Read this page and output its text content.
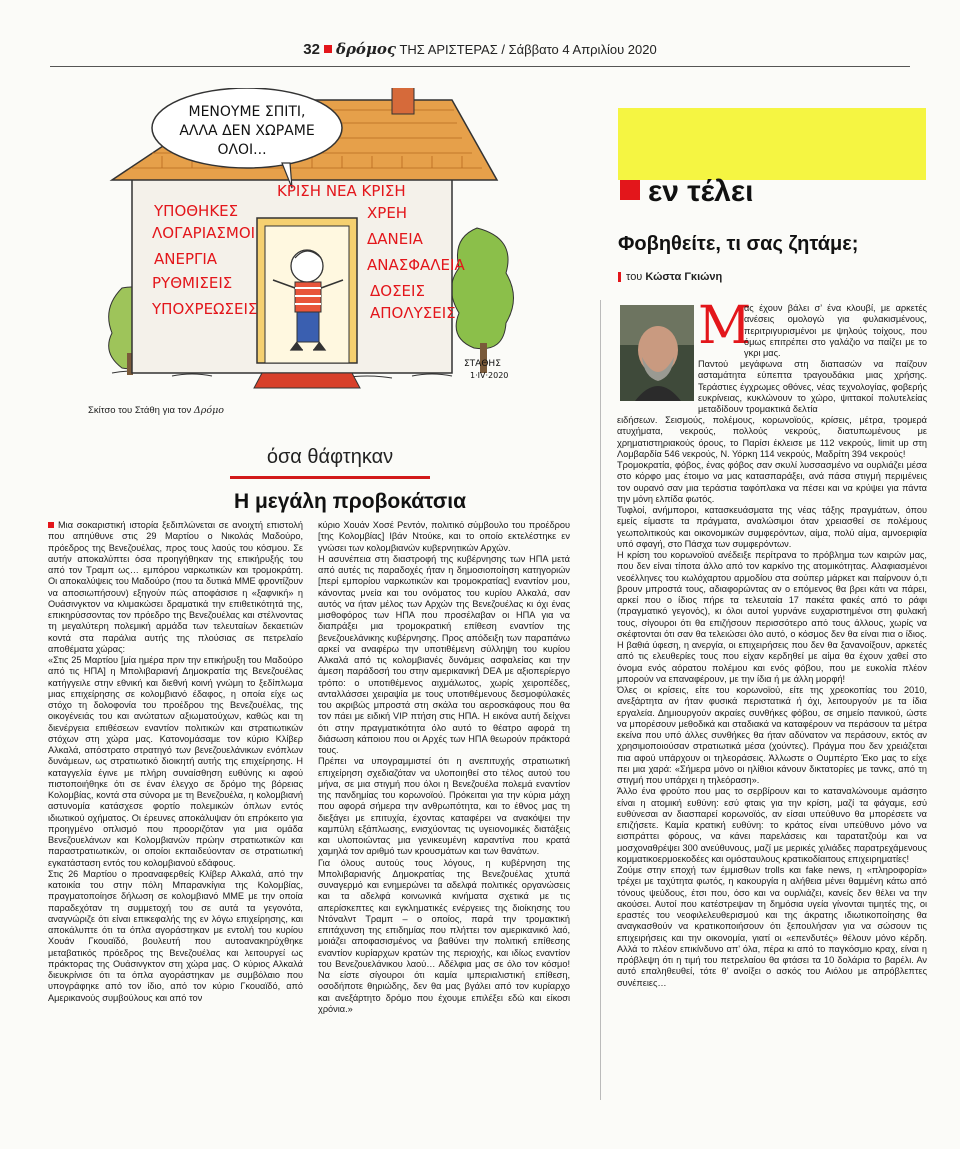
32 δρόμος ΤΗΣ ΑΡΙΣΤΕΡΑΣ / Σάββατο 4 Απριλίου 2020
ΜΕΝΟΥΜΕ ΣΠΙΤΙ,
ΑΛΛΑ ΔΕΝ ΧΩΡΑΜΕ
ΟΛΟΙ...
ΥΠΟΘΗΚΕΣ
ΛΟΓΑΡΙΑΣΜΟΙ
ΑΝΕΡΓΙΑ
ΡΥΘΜΙΣΕΙΣ
ΥΠΟΧΡΕΩΣΕΙΣ
ΚΡΙΣΗ ΝΕΑ ΚΡΙΣΗ
ΧΡΕΗ
ΔΑΝΕΙΑ
ΑΝΑΣΦΑΛΕΙΑ
ΔΟΣΕΙΣ
ΑΠΟΛΥΣΕΙΣ
ΣΤΑΘΗΣ
1·IV·2020
Σκίτσο του Στάθη για τον Δρόμο
όσα θάφτηκαν
Η μεγάλη προβοκάτσια

Μια σοκαριστική ιστορία ξεδιπλώνεται σε ανοιχτή επιστολή που απηύθυνε στις 29 Μαρτίου ο Νικολάς Μαδούρο, πρόεδρος της Βενεζουέλας, προς τους λαούς του κόσμου. Σε αυτήν αποκαλύπτει όσα προηγήθηκαν της επικήρυξής του από τον Τραμπ ως… εμπόρου ναρκωτικών και τρομοκράτη. Οι αποκαλύψεις του Μαδούρο (που τα δυτικά ΜΜΕ φροντίζουν να αποσιωπήσουν) εξηγούν πώς αποφάσισε η «ξαφνική» η Ουάσινγκτον να κλιμακώσει δραματικά την επιθετικότητά της, επικηρύσσοντας τον πρόεδρο της Βενεζουέλας και στέλνοντας τη μεγαλύτερη πολεμική αρμάδα των τελευταίων δεκαετιών κοντά στα παράλια αυτής της πλούσιας σε πετρελαίο αποθέματα χώρας:

«Στις 25 Μαρτίου [μία ημέρα πριν την επικήρυξη του Μαδούρο από τις ΗΠΑ] η Μπολιβαριανή Δημοκρατία της Βενεζουέλας κατήγγειλε στην εθνική και διεθνή κοινή γνώμη το ξεδίπλωμα μιας επιχείρησης σε κολομβιανό έδαφος, η οποία είχε ως στόχο τη δολοφονία του προέδρου της Βενεζουέλας, της οικογένειάς του και ανώτατων αξιωματούχων, καθώς και τη διενέργεια επιθέσεων εναντίον πολιτικών και στρατιωτικών στόχων στη χώρα μας. Κατονομάσαμε τον κύριο Κλίβερ Αλκαλά, απόστρατο στρατηγό των βενεζουελάνικων ενόπλων δυνάμεων, ως στρατιωτικό διοικητή αυτής της επιχείρησης. Η καταγγελία έγινε με πλήρη συναίσθηση ευθύνης κι αφού πιστοποιήθηκε ότι σε έναν έλεγχο σε δρόμο της βόρειας Κολομβίας, κοντά στα σύνορα με τη Βενεζουέλα, η κολομβιανή αστυνομία κατάσχεσε φορτίο πολεμικών όπλων εντός ιδιωτικού οχήματος. Οι έρευνες αποκάλυψαν ότι επρόκειτο για προηγμένο οπλισμό που προοριζόταν για μια ομάδα Βενεζουελάνων και Κολομβιανών πρώην στρατιωτικών και παραστρατιωτικών, οι οποίοι εκπαιδεύονταν σε στρατιωτική εγκατάσταση εντός του κολομβιανού εδάφους.

Στις 26 Μαρτίου ο προαναφερθείς Κλίβερ Αλκαλά, από την κατοικία του στην πόλη Μπαρανκίγια της Κολομβίας, πραγματοποίησε δήλωση σε κολομβιανό ΜΜΕ με την οποία παραδεχόταν τη συμμετοχή του σε αυτά τα γεγονότα, αναγνώριζε ότι είναι επικεφαλής της εν λόγω επιχείρησης, και αποκάλυπτε ότι τα όπλα αγοράστηκαν με εντολή του κυρίου Χουάν Γκουαϊδό, βουλευτή που αυτοανακηρύχθηκε μεταβατικός πρόεδρος της Βενεζουέλας και λειτουργεί ως πράκτορας της Ουάσινγκτον στη χώρα μας. Ο κύριος Αλκαλά διευκρίνισε ότι τα όπλα αγοράστηκαν με συμβόλαιο που υπογράφηκε από τον ίδιο, από τον κύριο Γκουαϊδό, από Αμερικανούς συμβούλους και από τον

κύριο Χουάν Χοσέ Ρεντόν, πολιτικό σύμβουλο του προέδρου [της Κολομβίας] Ιβάν Ντούκε, και το οποίο εκτελέστηκε εν γνώσει των κολομβιανών κυβερνητικών Αρχών.

Η ασυνέπεια στη διαστροφή της κυβέρνησης των ΗΠΑ μετά από αυτές τις παραδοχές ήταν η δημοσιοποίηση κατηγοριών [περί εμπορίου ναρκωτικών και τρομοκρατίας] εναντίον μου, κάνοντας μνεία και του ονόματος του κυρίου Αλκαλά, σαν αυτός να ήταν μέλος των Αρχών της Βενεζουέλας κι όχι ένας μισθοφόρος των ΗΠΑ που προσέλαβαν οι ΗΠΑ για να διαπράξει μια τρομοκρατική επίθεση εναντίον της βενεζουελάνικης κυβέρνησης. Προς απόδειξη των παραπάνω αρκεί να αναφέρω την υποτιθέμενη σύλληψη του κυρίου Αλκαλά από τις κολομβιανές δυνάμεις ασφαλείας και την άμεση παράδοσή του στην αμερικανική DEA με αξιοπερίεργο τρόπο: ο υποτιθέμενος αιχμάλωτος, χωρίς χειροπέδες, ανταλλάσσει χειραψία με τους υποτιθέμενους δεσμοφύλακές του ακριβώς μπροστά στη σκάλα του αεροσκάφους που θα τον πάει με ειδική VIP πτήση στις ΗΠΑ. Η εικόνα αυτή δείχνει ότι στην πραγματικότητα όλο αυτό το θέατρο αφορά τη διάσωση κάποιου που οι Αρχές των ΗΠΑ θεωρούν πράκτορά τους.

Πρέπει να υπογραμμιστεί ότι η ανεπιτυχής στρατιωτική επιχείρηση σχεδιαζόταν να υλοποιηθεί στο τέλος αυτού του μήνα, σε μια στιγμή που όλοι η Βενεζουέλα πολεμά εναντίον της πανδημίας του κορωνοϊού. Πρόκειται για την κύρια μάχη που αφορά σήμερα την ανθρωπότητα, και το έθνος μας τη διεξάγει με επιτυχία, έχοντας καταφέρει να ανακόψει την καμπύλη εξάπλωσης, ενισχύοντας τις υγειονομικές διατάξεις και υλοποιώντας μια γενικευμένη καραντίνα που κρατά χαμηλά τον αριθμό των κρουσμάτων και των θανάτων.

Για όλους αυτούς τους λόγους, η κυβέρνηση της Μπολιβαριανής Δημοκρατίας της Βενεζουέλας χτυπά συναγερμό και ενημερώνει τα αδελφά πολιτικές οργανώσεις και τα αδελφά κοινωνικά κινήματα σχετικά με τις απερίσκεπτες και εγκληματικές ενέργειες της διοίκησης του Ντόναλντ Τραμπ – ο οποίος, παρά την τρομακτική επιτάχυνση της επιδημίας που πλήττει τον αμερικανικό λαό, μοιάζει αποφασισμένος να βαθύνει την πολιτική επίθεσης εναντίον κυρίαρχων κρατών της περιοχής, και ιδίως εναντίον του Βενεζουελάνικου λαού… Αδέλφια μας σε όλο τον κόσμο! Να είστε σίγουροι ότι καμία ιμπεριαλιστική επίθεση, οσοδήποτε θηριώδης, δεν θα μας βγάλει από τον κυρίαρχο και ανεξάρτητο δρόμο που έχουμε επιλέξει εδώ και είκοσι χρόνια.»

εν τέλει
Φοβηθείτε, τι σας ζητάμε;
του Κώστα Γκιώνη
Μ

ας έχουν βάλει σ’ ένα κλουβί, με αρκετές ανέσεις ομολογώ για φυλακισμένους, περιτριγυρισμένοι με ψηλούς τοίχους, που όμως επιτρέπει στο γαλάζιο να παίζει με το γκρι μας.

Παντού μεγάφωνα στη διαπασών να παίζουν ασταμάτητα εύπεπτα τραγουδάκια μιας χρήσης. Τεράστιες έγχρωμες οθόνες, νέας τεχνολογίας, φοβερής ευκρίνειας, κυκλώνουν το χώρο, ψιττακοί πολυτελείας μεταδίδουν τρομακτικά δελτία

ειδήσεων. Σεισμούς, πολέμους, κορωνοϊούς, κρίσεις, μέτρα, τρομερά ατυχήματα, νεκρούς, πολλούς νεκρούς, διατυπωμένους με χρηματιστηριακούς όρους, το Παρίσι έκλεισε με 112 νεκρούς, limit up στη Λομβαρδία 546 νεκρούς, Ν. Υόρκη 114 νεκρούς, Μαδρίτη 394 νεκρούς!

Τρομοκρατία, φόβος, ένας φόβος σαν σκυλί λυσσασμένο να ουρλιάζει μέσα στο κόρφο μας έτοιμο να μας κατασπαράξει, ανά πάσα στιγμή περιμένεις τον ουρανό σαν μια τεράστια ταφόπλακα να πέσει και να κρύψει για πάντα την μόνη ελπίδα φωτός.

Τυφλοί, ανήμποροι, κατασκευάσματα της νέας τάξης πραγμάτων, όπου εμείς είμαστε τα πράγματα, αναλώσιμοι όταν χρειασθεί σε πολέμους γεωπολιτικούς και οικονομικών συμφερόντων, αίμα, πολύ αίμα, αμνοεριφία υπό σφαγή, στο Πάσχα των συμφερόντων.

Η κρίση του κορωνοϊού ανέδειξε περίτρανα το πρόβλημα των καιρών μας, που δεν είναι τίποτα άλλο από τον καρκίνο της ατομικότητας. Αλαφιασμένοι νεοέλληνες του κωλόχαρτου αρμοδίου στα σούπερ μάρκετ και παίρνουν ό,τι βρουν μπροστά τους, αδιαφορώντας αν ο επόμενος θα βρει κάτι να πάρει, αρκεί που ο ίδιος πήρε τα τελευταία 17 πακέτα φακές από το ράφι (πραγματικό γεγονός), κι όλοι αυτοί γυρνάνε ευχαριστημένοι στη φυλακή τους, σίγουροι ότι θα επιζήσουν περισσότερο από τους άλλους, χωρίς να σκέφτονται ότι σαν θα τελειώσει όλο αυτό, ο κόσμος δεν θα είναι πια ο ίδιος. Η βαθιά ύφεση, η ανεργία, οι επιχειρήσεις που δεν θα ξανανοίξουν, αρκετές από τις ελευθερίες τους που είχαν κερδηθεί με αίμα θα έχουν χαθεί στο όνομα ενός αόρατου πολέμου και ενός φόβου, που με ευκολία πλέον μπορούν να επαναφέρουν, με την ίδια ή με άλλη μορφή!

Όλες οι κρίσεις, είτε του κορωνοϊού, είτε της χρεοκοπίας του 2010, ανεξάρτητα αν ήταν φυσικά περιστατικά ή όχι, λειτουργούν με τα ίδια εργαλεία. Δημιουργούν ακραίες συνθήκες φόβου, σε σημείο πανικού, ώστε να μπορέσουν μεθοδικά και σταδιακά να καταφέρουν να περάσουν τα μέτρα εκείνα που υπό άλλες συνθήκες θα ήταν αδύνατον να περάσουν, εκτός αν χρησιμοποιούσαν στρατιωτικά μέσα (χούντες). Πράγμα που δεν χρειάζεται πια αφού υπάρχουν οι τηλεοράσεις. Άλλωστε ο Ουμπέρτο Έκο μας το είχε πει μια χαρά: «Σήμερα μόνο οι ηλίθιοι κάνουν δικτατορίες με τανκς, από τη στιγμή που υπάρχει η τηλεόραση».

Άλλο ένα φρούτο που μας το σερβίρουν και το καταναλώνουμε αμάσητο είναι η ατομική ευθύνη: εσύ φταις για την κρίση, μαζί τα φάγαμε, εσύ ευθύνεσαι αν διασπαρεί κορωνοϊός, αν είσαι υπεύθυνο θα μπορέσετε να επιζήσετε. Καμία κρατική ευθύνη: το κράτος είναι υπεύθυνο μόνο να εισπράττει φόρους, να κάνει παρελάσεις και ταρατατζούμ και να μοσχοναθρέψει 300 ανεύθυνους, μαζί με μερικές χιλιάδες παρατρεχάμενους κομματικοερμοεκοδέες και ομόσταυλους κρατικοδίαιτους επιχειρηματίες!

Ζούμε στην εποχή των έμμισθων trolls και fake news, η «πληροφορία» τρέχει με ταχύτητα φωτός, η κακουργία η αλήθεια μένει θαμμένη κάτω από τόνους ψεύδους, έτσι που, όσο και να ουρλιάζει, κανείς δεν θέλει να την ακούσει. Αυτοί που κατέστρεψαν τη δημόσια υγεία γίνονται τιμητές της, οι εραστές του νεοφιλελευθερισμού και της άκρατης ιδιωτικοποίησης θα αναγκασθούν να κρατικοποιήσουν ότι ξεπουλήσαν για να σώσουν τις επιχειρήσεις και την οικονομία, γιατί οι «επενδυτές» θέλουν μόνο κέρδη. Αλλά το πλέον επικίνδυνο απ’ όλα, πέρα κι από το παγκόσμιο κραχ, είναι η πρόβλεψη ότι η τιμή του πετρελαίου θα φτάσει τα 10 δολάρια το βαρέλι. Αν αυτό επαληθευθεί, τότε θ’ ανοίξει ο ασκός του Αιόλου με απρόβλεπτες συνέπειες…
